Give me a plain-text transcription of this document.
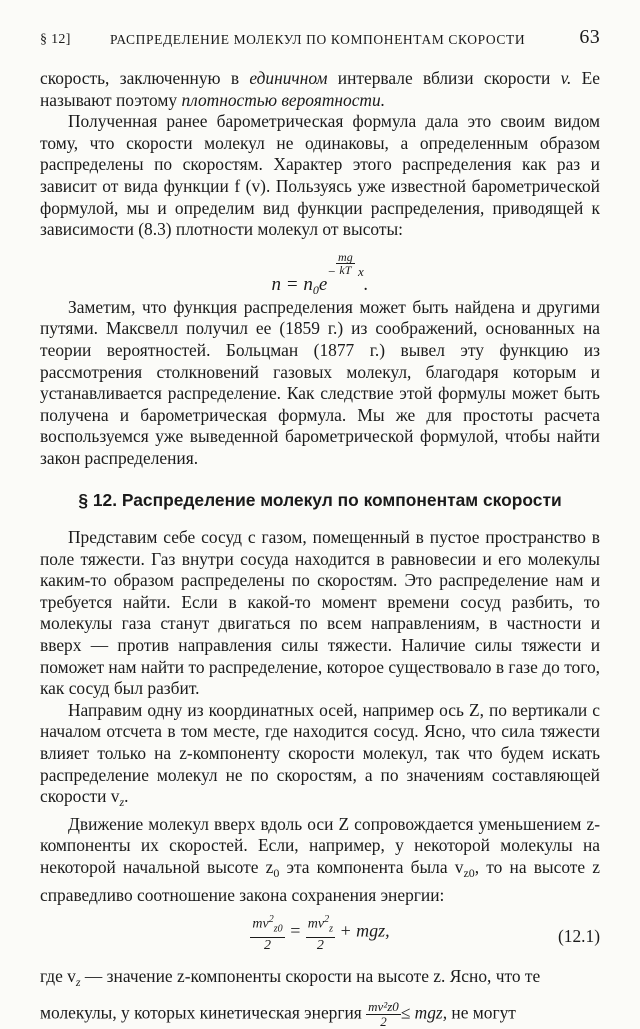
§ 12]	РАСПРЕДЕЛЕНИЕ МОЛЕКУЛ ПО КОМПОНЕНТАМ СКОРОСТИ	63

скорость, заключенную в единичном интервале вблизи скорости v. Ее называют поэтому плотностью вероятности.

Полученная ранее барометрическая формула дала это своим видом тому, что скорости молекул не одинаковы, а определенным образом распределены по скоростям. Характер этого распределения как раз и зависит от вида функции f (v). Пользуясь уже известной барометрической формулой, мы и определим вид функции распределения, приводящей к зависимости (8.3) плотности молекул от высоты:

$n = n_0e^{- \frac{mg}{kT} x}$.

Заметим, что функция распределения может быть найдена и другими путями. Максвелл получил ее (1859 г.) из соображений, основанных на теории вероятностей. Больцман (1877 г.) вывел эту функцию из рассмотрения столкновений газовых молекул, благодаря которым и устанавливается распределение. Как следствие этой формулы может быть получена и барометрическая формула. Мы же для простоты расчета воспользуемся уже выведенной барометрической формулой, чтобы найти закон распределения.

§ 12. Распределение молекул по компонентам скорости

Представим себе сосуд с газом, помещенный в пустое пространство в поле тяжести. Газ внутри сосуда находится в равновесии и его молекулы каким-то образом распределены по скоростям. Это распределение нам и требуется найти. Если в какой-то момент времени сосуд разбить, то молекулы газа станут двигаться по всем направлениям, в частности и вверх — против направления силы тяжести. Наличие силы тяжести и поможет нам найти то распределение, которое существовало в газе до того, как сосуд был разбит.

Направим одну из координатных осей, например ось Z, по вертикали с началом отсчета в том месте, где находится сосуд. Ясно, что сила тяжести влияет только на z-компоненту скорости молекул, так что будем искать распределение молекул не по скоростям, а по значениям составляющей скорости $v_z$.

Движение молекул вверх вдоль оси Z сопровождается уменьшением z-компоненты их скоростей. Если, например, у некоторой молекулы на некоторой начальной высоте $z_0$ эта компонента была $v_{z0}$, то на высоте z справедливо соотношение закона сохранения энергии:

$\frac{mv^2_{z0}}{2} = \frac{mv^2_z}{2}$ + mgz,	(12.1)

где $v_z$ — значение z-компоненты скорости на высоте z. Ясно, что те

молекулы, у которых кинетическая энергия $\frac{\text{mv²z0}}{2}$ ≤ mgz, не могут
